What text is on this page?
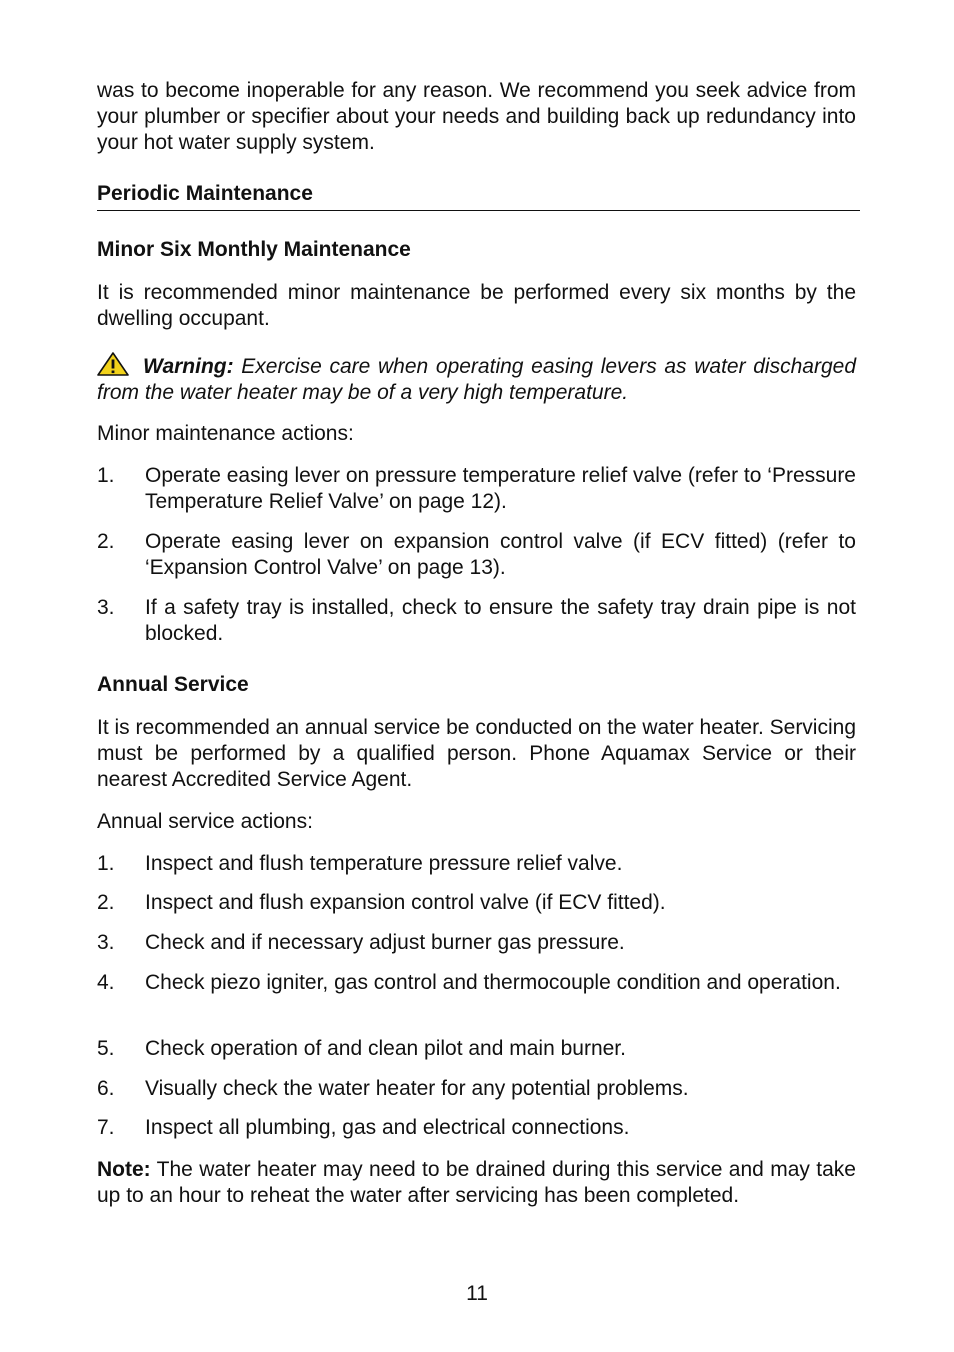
was to become inoperable for any reason. We recommend you seek advice from your plumber or specifier about your needs and building back up redundancy into your hot water supply system.

Periodic Maintenance

Minor Six Monthly Maintenance

It is recommended minor maintenance be performed every six months by the dwelling occupant.

Warning: Exercise care when operating easing levers as water discharged from the water heater may be of a very high temperature.

Minor maintenance actions:

1. Operate easing lever on pressure temperature relief valve (refer to ‘Pressure Temperature Relief Valve’ on page 12).
2. Operate easing lever on expansion control valve (if ECV fitted) (refer to ‘Expansion Control Valve’ on page 13).
3. If a safety tray is installed, check to ensure the safety tray drain pipe is not blocked.

Annual Service

It is recommended an annual service be conducted on the water heater. Servicing must be performed by a qualified person. Phone Aquamax Service or their nearest Accredited Service Agent.

Annual service actions:

1. Inspect and flush temperature pressure relief valve.
2. Inspect and flush expansion control valve (if ECV fitted).
3. Check and if necessary adjust burner gas pressure.
4. Check piezo igniter, gas control and thermocouple condition and operation.
5. Check operation of and clean pilot and main burner.
6. Visually check the water heater for any potential problems.
7. Inspect all plumbing, gas and electrical connections.

Note: The water heater may need to be drained during this service and may take up to an hour to reheat the water after servicing has been completed.

11
